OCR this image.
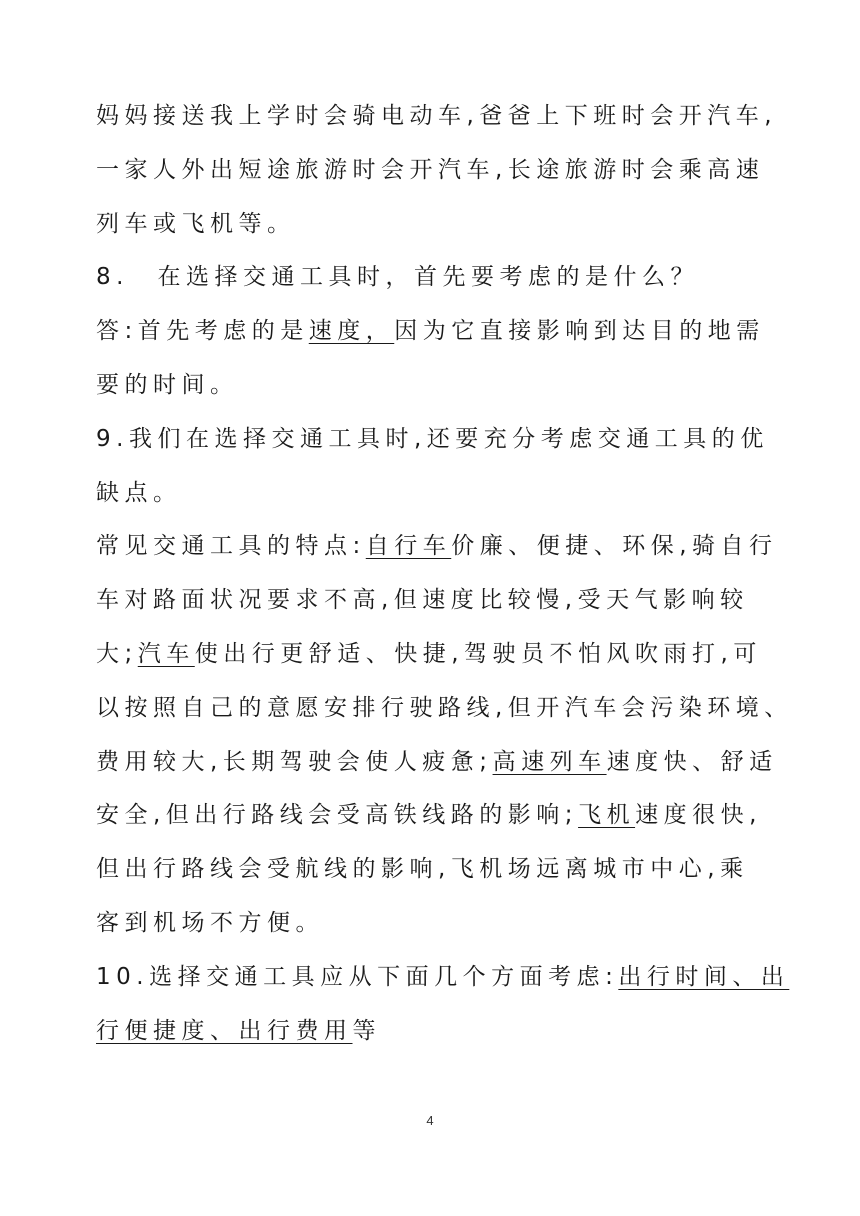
妈妈接送我上学时会骑电动车,爸爸上下班时会开汽车,
一家人外出短途旅游时会开汽车,长途旅游时会乘高速
列车或飞机等。
8.　在选择交通工具时，首先要考虑的是什么？
答:首先考虑的是速度，因为它直接影响到达目的地需
要的时间。
9.我们在选择交通工具时,还要充分考虑交通工具的优
缺点。
常见交通工具的特点:自行车价廉、便捷、环保,骑自行
车对路面状况要求不高,但速度比较慢,受天气影响较
大;汽车使出行更舒适、快捷,驾驶员不怕风吹雨打,可
以按照自己的意愿安排行驶路线,但开汽车会污染环境、
费用较大,长期驾驶会使人疲惫;高速列车速度快、舒适
安全,但出行路线会受高铁线路的影响;飞机速度很快,
但出行路线会受航线的影响,飞机场远离城市中心,乘
客到机场不方便。
10.选择交通工具应从下面几个方面考虑:出行时间、出
行便捷度、出行费用等
4
